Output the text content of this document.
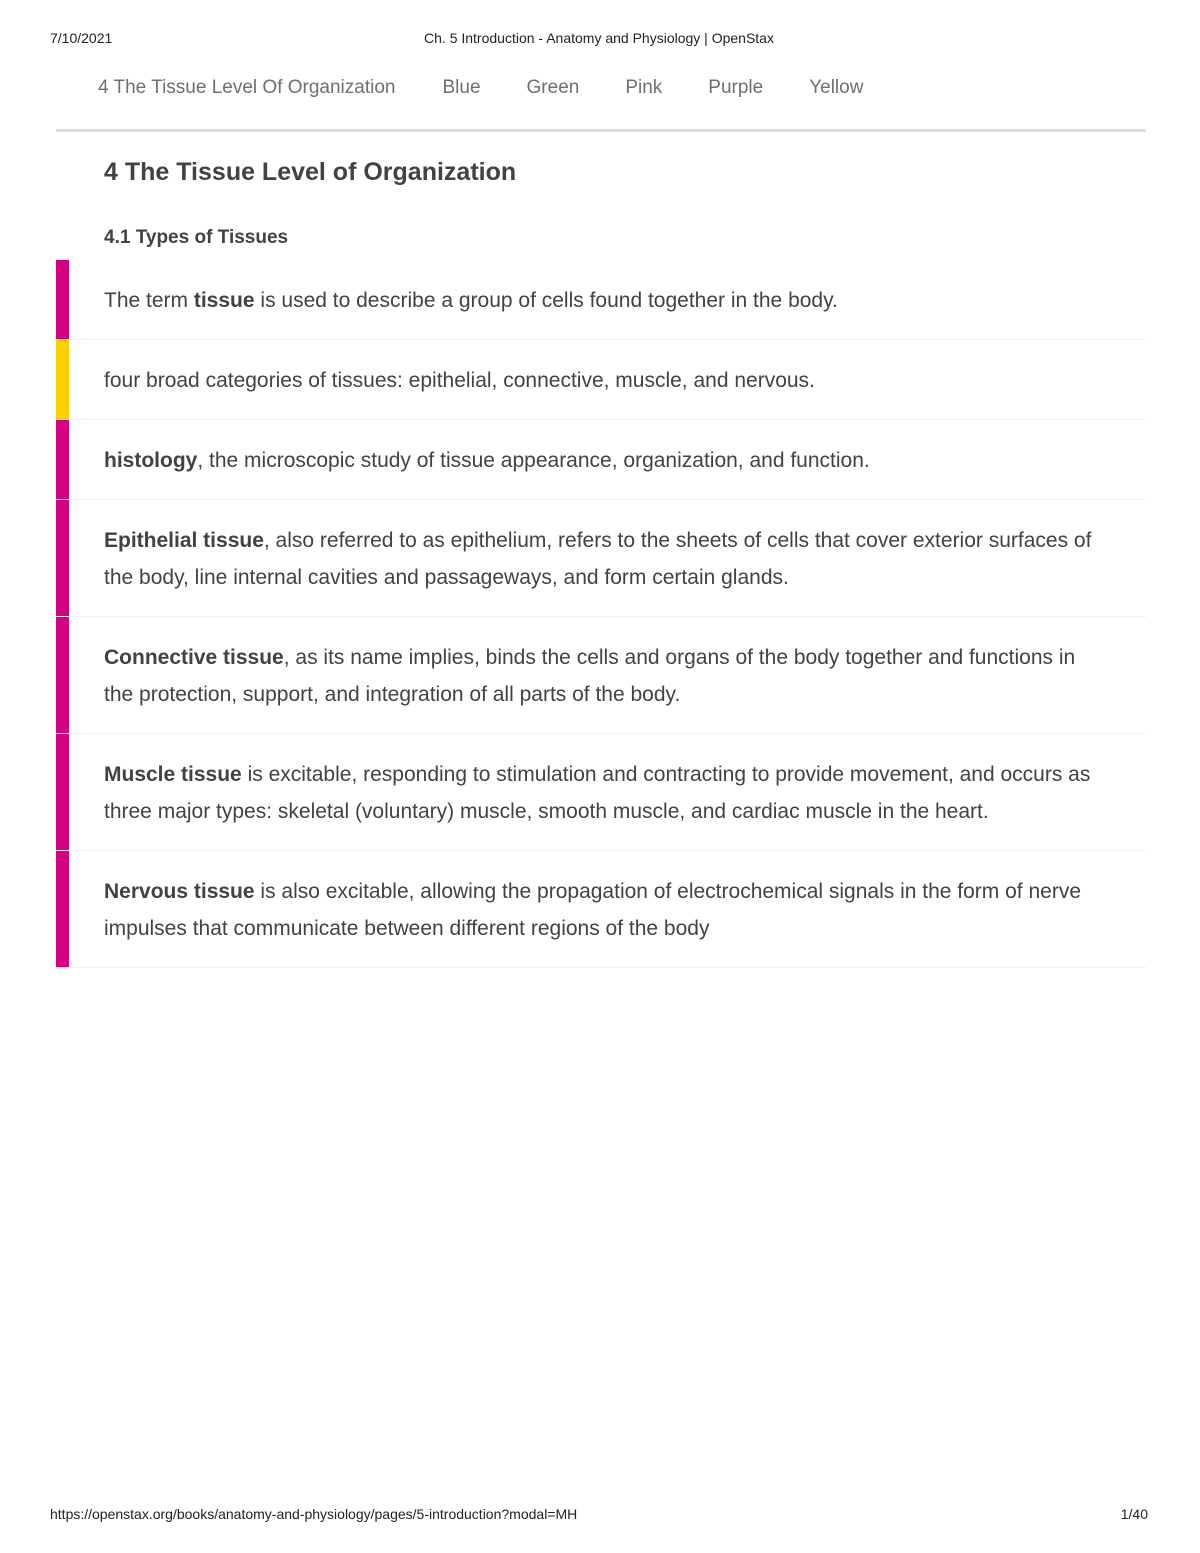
7/10/2021	Ch. 5 Introduction - Anatomy and Physiology | OpenStax
4 The Tissue Level Of Organization Blue Green Pink Purple Yellow
4 The Tissue Level of Organization
4.1 Types of Tissues
The term tissue is used to describe a group of cells found together in the body.
four broad categories of tissues: epithelial, connective, muscle, and nervous.
histology, the microscopic study of tissue appearance, organization, and function.
Epithelial tissue, also referred to as epithelium, refers to the sheets of cells that cover exterior surfaces of the body, line internal cavities and passageways, and form certain glands.
Connective tissue, as its name implies, binds the cells and organs of the body together and functions in the protection, support, and integration of all parts of the body.
Muscle tissue is excitable, responding to stimulation and contracting to provide movement, and occurs as three major types: skeletal (voluntary) muscle, smooth muscle, and cardiac muscle in the heart.
Nervous tissue is also excitable, allowing the propagation of electrochemical signals in the form of nerve impulses that communicate between different regions of the body
https://openstax.org/books/anatomy-and-physiology/pages/5-introduction?modal=MH	1/40
